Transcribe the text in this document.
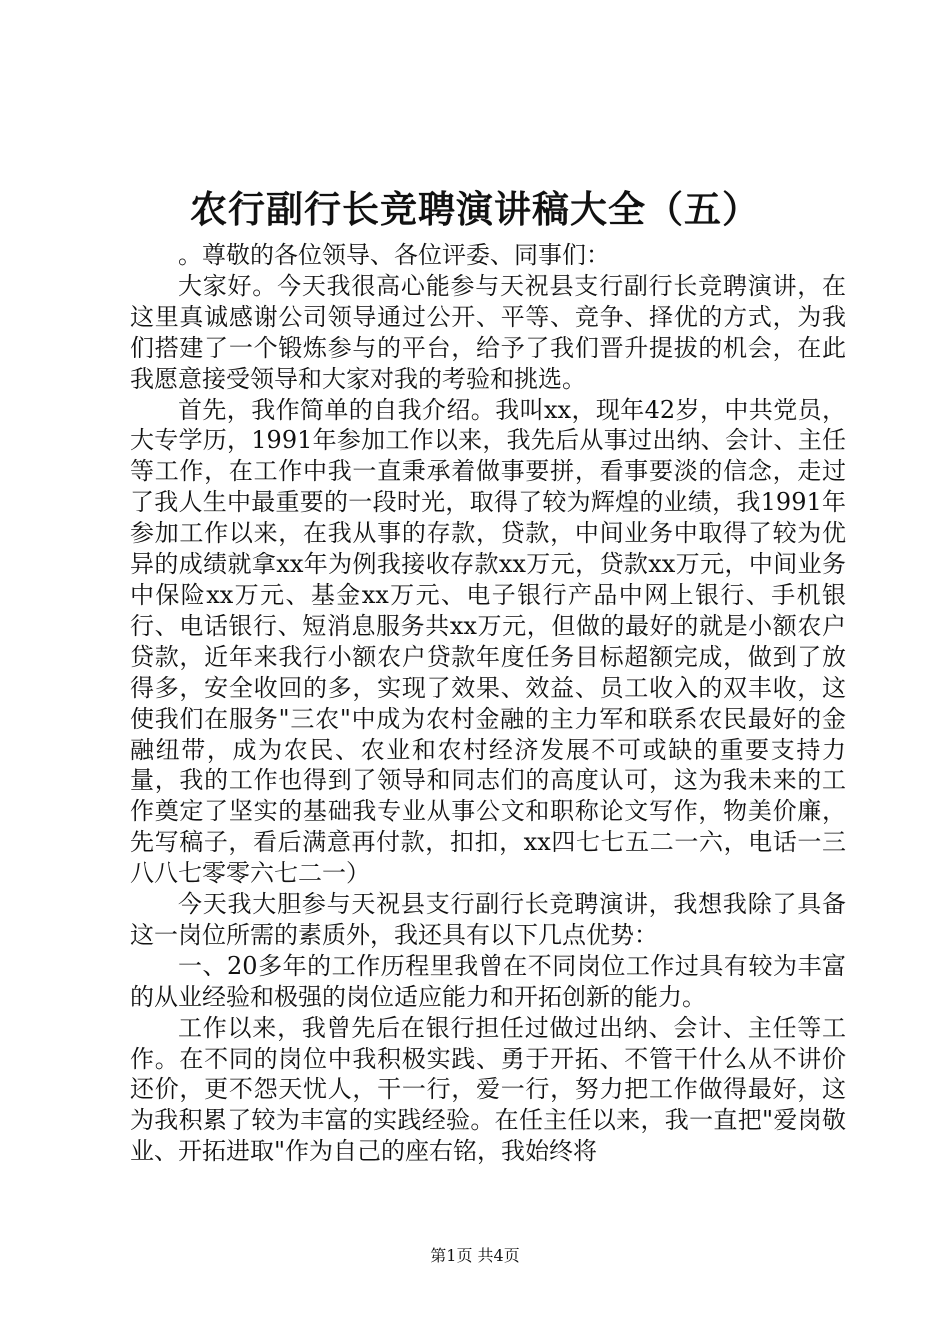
农行副行长竞聘演讲稿大全（五）

。尊敬的各位领导、各位评委、同事们：

大家好。今天我很高心能参与天祝县支行副行长竞聘演讲，在这里真诚感谢公司领导通过公开、平等、竞争、择优的方式，为我们搭建了一个锻炼参与的平台，给予了我们晋升提拔的机会，在此我愿意接受领导和大家对我的考验和挑选。

首先，我作简单的自我介绍。我叫xx，现年42岁，中共党员，大专学历，1991年参加工作以来，我先后从事过出纳、会计、主任等工作，在工作中我一直秉承着做事要拼，看事要淡的信念，走过了我人生中最重要的一段时光，取得了较为辉煌的业绩，我1991年参加工作以来，在我从事的存款，贷款，中间业务中取得了较为优异的成绩就拿xx年为例我接收存款xx万元，贷款xx万元，中间业务中保险xx万元、基金xx万元、电子银行产品中网上银行、手机银行、电话银行、短消息服务共xx万元，但做的最好的就是小额农户贷款，近年来我行小额农户贷款年度任务目标超额完成，做到了放得多，安全收回的多，实现了效果、效益、员工收入的双丰收，这使我们在服务"三农"中成为农村金融的主力军和联系农民最好的金融纽带，成为农民、农业和农村经济发展不可或缺的重要支持力量，我的工作也得到了领导和同志们的高度认可，这为我未来的工作奠定了坚实的基础我专业从事公文和职称论文写作，物美价廉，先写稿子，看后满意再付款，扣扣，xx四七七五二一六，电话一三八八七零零六七二一）

今天我大胆参与天祝县支行副行长竞聘演讲，我想我除了具备这一岗位所需的素质外，我还具有以下几点优势：

一、20多年的工作历程里我曾在不同岗位工作过具有较为丰富的从业经验和极强的岗位适应能力和开拓创新的能力。

工作以来，我曾先后在银行担任过做过出纳、会计、主任等工作。在不同的岗位中我积极实践、勇于开拓、不管干什么从不讲价还价，更不怨天忧人，干一行，爱一行，努力把工作做得最好，这为我积累了较为丰富的实践经验。在任主任以来，我一直把"爱岗敬业、开拓进取"作为自己的座右铭，我始终将

第1页 共4页
